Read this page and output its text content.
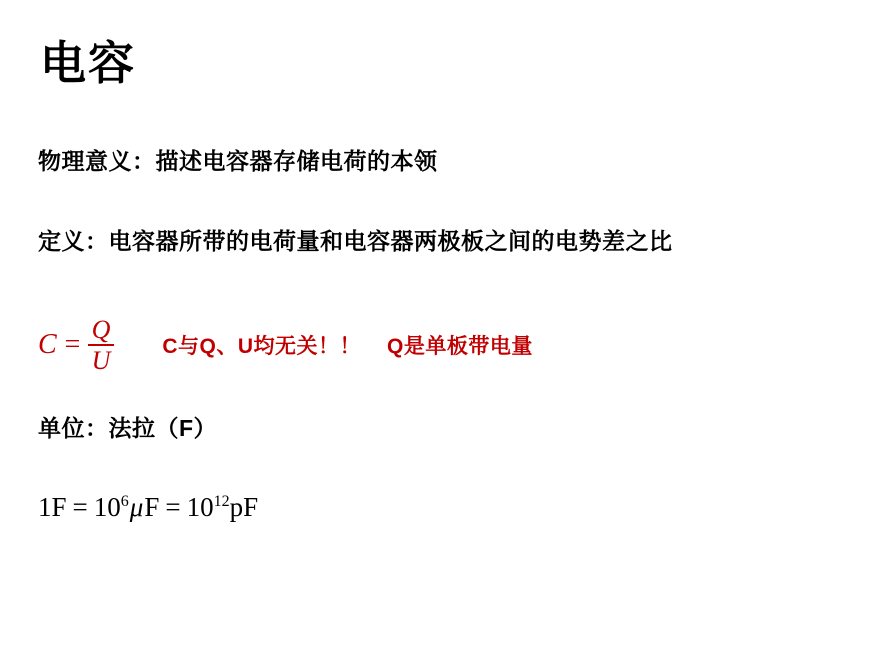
电容
物理意义：描述电容器存储电荷的本领
定义：电容器所带的电荷量和电容器两极板之间的电势差之比
$C = \frac{Q}{U}$ C与Q、U均无关！！ Q是单板带电量
单位：法拉（F）
$1F = 10^6\mu F = 10^{12}pF$
